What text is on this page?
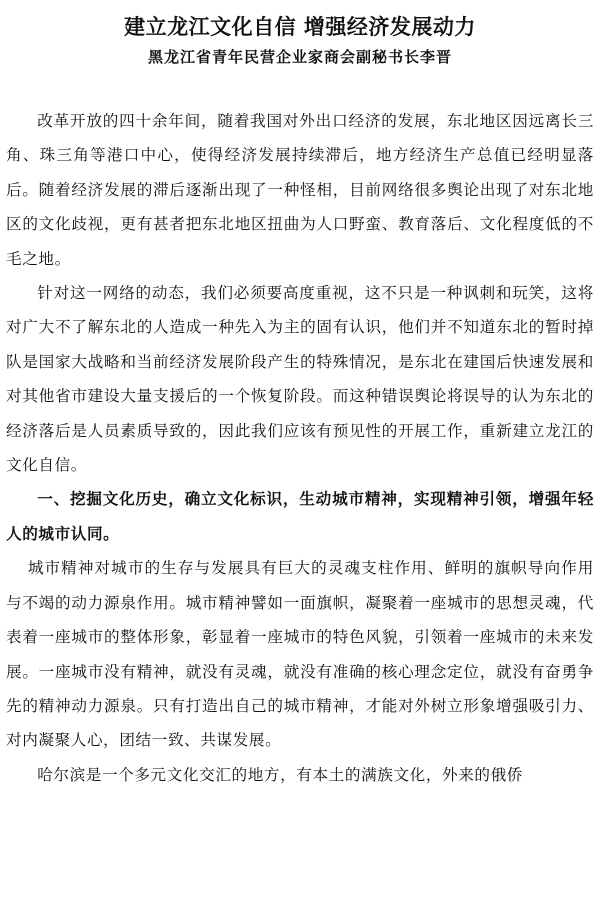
建立龙江文化自信 增强经济发展动力
黑龙江省青年民营企业家商会副秘书长李晋

改革开放的四十余年间，随着我国对外出口经济的发展，东北地区因远离长三角、珠三角等港口中心，使得经济发展持续滞后，地方经济生产总值已经明显落后。随着经济发展的滞后逐渐出现了一种怪相，目前网络很多舆论出现了对东北地区的文化歧视，更有甚者把东北地区扭曲为人口野蛮、教育落后、文化程度低的不毛之地。

针对这一网络的动态，我们必须要高度重视，这不只是一种讽刺和玩笑，这将对广大不了解东北的人造成一种先入为主的固有认识，他们并不知道东北的暂时掉队是国家大战略和当前经济发展阶段产生的特殊情况，是东北在建国后快速发展和对其他省市建设大量支援后的一个恢复阶段。而这种错误舆论将误导的认为东北的经济落后是人员素质导致的，因此我们应该有预见性的开展工作，重新建立龙江的文化自信。

一、挖掘文化历史，确立文化标识，生动城市精神，实现精神引领，增强年轻人的城市认同。

城市精神对城市的生存与发展具有巨大的灵魂支柱作用、鲜明的旗帜导向作用与不竭的动力源泉作用。城市精神譬如一面旗帜，凝聚着一座城市的思想灵魂，代表着一座城市的整体形象，彰显着一座城市的特色风貌，引领着一座城市的未来发展。一座城市没有精神，就没有灵魂，就没有准确的核心理念定位，就没有奋勇争先的精神动力源泉。只有打造出自己的城市精神，才能对外树立形象增强吸引力、对内凝聚人心，团结一致、共谋发展。

哈尔滨是一个多元文化交汇的地方，有本土的满族文化，外来的俄侨
